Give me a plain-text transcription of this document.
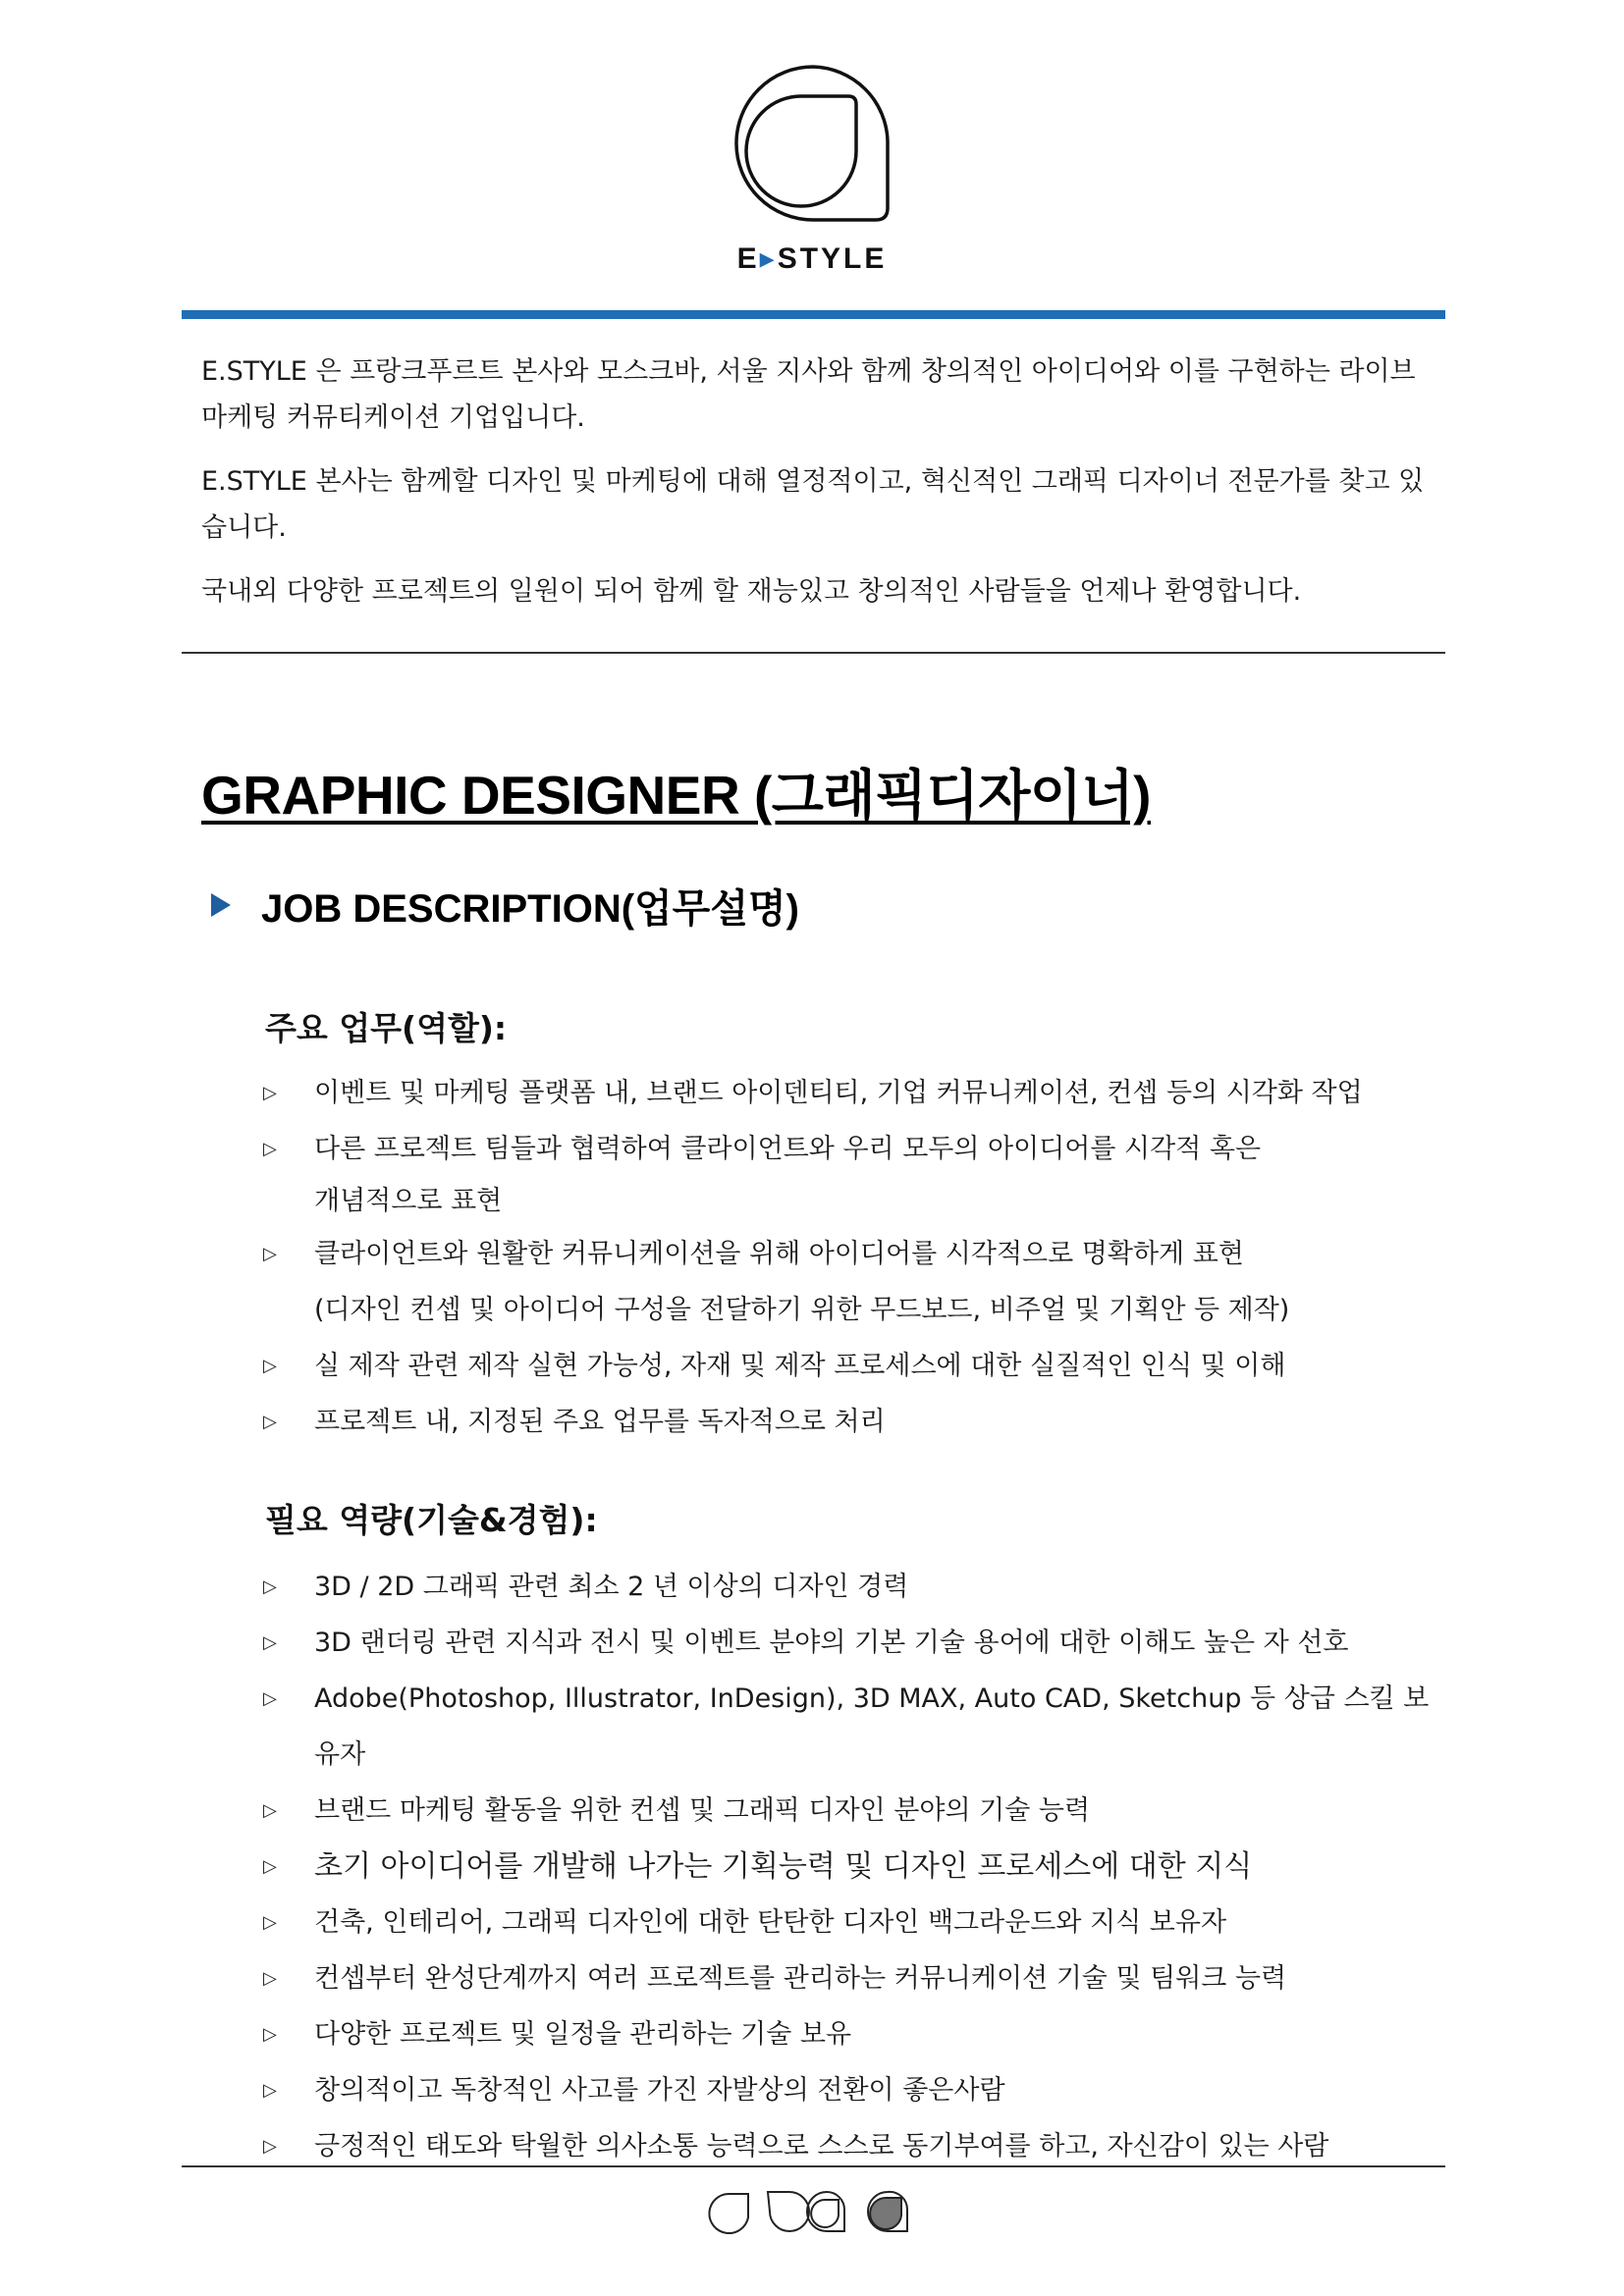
E▸STYLE

E.STYLE 은 프랑크푸르트 본사와 모스크바, 서울 지사와 함께 창의적인 아이디어와 이를 구현하는 라이브 마케팅 커뮤티케이션 기업입니다.

E.STYLE 본사는 함께할 디자인 및 마케팅에 대해 열정적이고, 혁신적인 그래픽 디자이너 전문가를 찾고 있습니다.

국내외 다양한 프로젝트의 일원이 되어 함께 할 재능있고 창의적인 사람들을 언제나 환영합니다.

GRAPHIC DESIGNER (그래픽디자이너)
JOB DESCRIPTION(업무설명)
주요 업무(역할):
▷ 이벤트 및 마케팅 플랫폼 내, 브랜드 아이덴티티, 기업 커뮤니케이션, 컨셉 등의 시각화 작업
▷ 다른 프로젝트 팀들과 협력하여 클라이언트와 우리 모두의 아이디어를 시각적 혹은
개념적으로 표현
▷ 클라이언트와 원활한 커뮤니케이션을 위해 아이디어를 시각적으로 명확하게 표현
(디자인 컨셉 및 아이디어 구성을 전달하기 위한 무드보드, 비주얼 및 기획안 등 제작)
▷ 실 제작 관련 제작 실현 가능성, 자재 및 제작 프로세스에 대한 실질적인 인식 및 이해
▷ 프로젝트 내, 지정된 주요 업무를 독자적으로 처리
필요 역량(기술&경험):
▷ 3D / 2D 그래픽 관련 최소 2 년 이상의 디자인 경력
▷ 3D 랜더링 관련 지식과 전시 및 이벤트 분야의 기본 기술 용어에 대한 이해도 높은 자 선호
▷ Adobe(Photoshop, Illustrator, InDesign), 3D MAX, Auto CAD, Sketchup 등 상급 스킬 보유자
▷ 브랜드 마케팅 활동을 위한 컨셉 및 그래픽 디자인 분야의 기술 능력
▷ 초기 아이디어를 개발해 나가는 기획능력 및 디자인 프로세스에 대한 지식
▷ 건축, 인테리어, 그래픽 디자인에 대한 탄탄한 디자인 백그라운드와 지식 보유자
▷ 컨셉부터 완성단계까지 여러 프로젝트를 관리하는 커뮤니케이션 기술 및 팀워크 능력
▷ 다양한 프로젝트 및 일정을 관리하는 기술 보유
▷ 창의적이고 독창적인 사고를 가진 자발상의 전환이 좋은사람
▷ 긍정적인 태도와 탁월한 의사소통 능력으로 스스로 동기부여를 하고, 자신감이 있는 사람
